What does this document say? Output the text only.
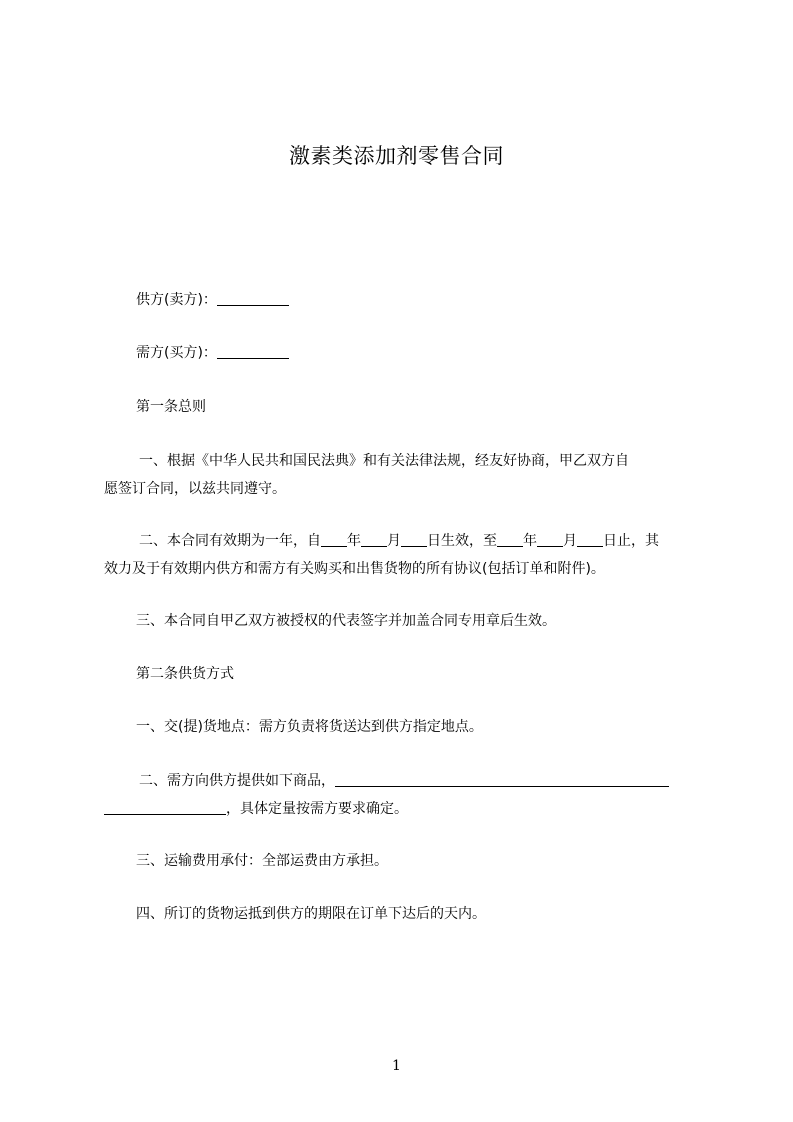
激素类添加剂零售合同
供方(卖方)：
需方(买方)：
第一条总则
一、根据《中华人民共和国民法典》和有关法律法规，经友好协商，甲乙双方自
愿签订合同，以兹共同遵守。
二、本合同有效期为一年，自 年 月 日生效，至 年 月 日止，其
效力及于有效期内供方和需方有关购买和出售货物的所有协议(包括订单和附件)。
三、本合同自甲乙双方被授权的代表签字并加盖合同专用章后生效。
第二条供货方式
一、交(提)货地点：需方负责将货送达到供方指定地点。
二、需方向供方提供如下商品，
，具体定量按需方要求确定。
三、运输费用承付：全部运费由方承担。
四、所订的货物运抵到供方的期限在订单下达后的天内。
1
